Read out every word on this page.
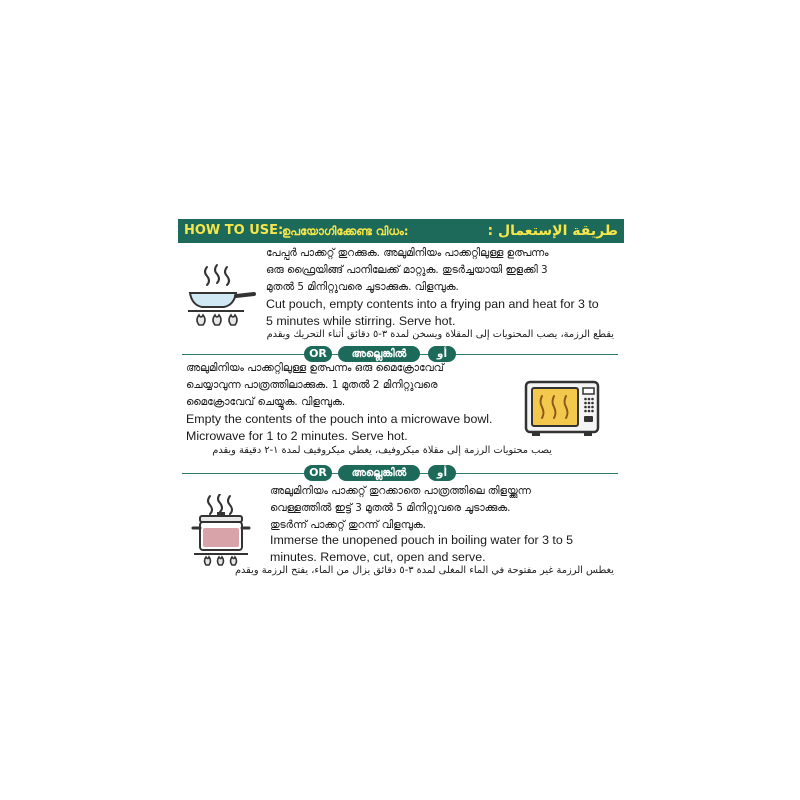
HOW TO USE:
ഉപയോഗിക്കേണ്ട വിധം:	طريقة الإستعمال :
പേപ്പർ പാക്കറ്റ് തുറക്കുക. അലുമിനിയം പാക്കറ്റിലുള്ള ഉത്പന്നം
ഒരു ഫ്രൈയിങ്ങ് പാനിലേക്ക് മാറ്റുക. തുടർച്ചയായി ഇളക്കി 3
മുതൽ 5 മിനിറ്റുവരെ ചൂടാക്കുക. വിളമ്പുക.
Cut pouch, empty contents into a frying pan and heat for 3 to
5 minutes while stirring. Serve hot.
يقطع الرزمة، يصب المحتويات إلى المقلاة ويسخن لمدة ٣-٥ دقائق أثناء التحريك ويقدم
OR	അല്ലെങ്കിൽ	أو
അലുമിനിയം പാക്കറ്റിലുള്ള ഉത്പന്നം ഒരു മൈക്രോവേവ്
ചെയ്യാവുന്ന പാത്രത്തിലാക്കുക. 1 മുതൽ 2 മിനിറ്റുവരെ
മൈക്രോവേവ് ചെയ്യുക. വിളമ്പുക.
Empty the contents of the pouch into a microwave bowl.
Microwave for 1 to 2 minutes. Serve hot.
يصب محتويات الرزمة إلى مقلاة ميكروفيف، يغطي ميكروفيف لمدة ١-٢ دقيقة ويقدم
OR	അല്ലെങ്കിൽ	أو
അലുമിനിയം പാക്കറ്റ് തുറക്കാതെ പാത്രത്തിലെ തിളയ്ക്കുന്ന
വെള്ളത്തിൽ ഇട്ട് 3 മുതൽ 5 മിനിറ്റുവരെ ചൂടാക്കുക.
തുടർന്ന് പാക്കറ്റ് തുറന്ന് വിളമ്പുക.
Immerse the unopened pouch in boiling water for 3 to 5
minutes. Remove, cut, open and serve.
يغطس الرزمة غير مفتوحة في الماء المغلى لمدة ٣-٥ دقائق يزال من الماء، يفتح الرزمة ويقدم
